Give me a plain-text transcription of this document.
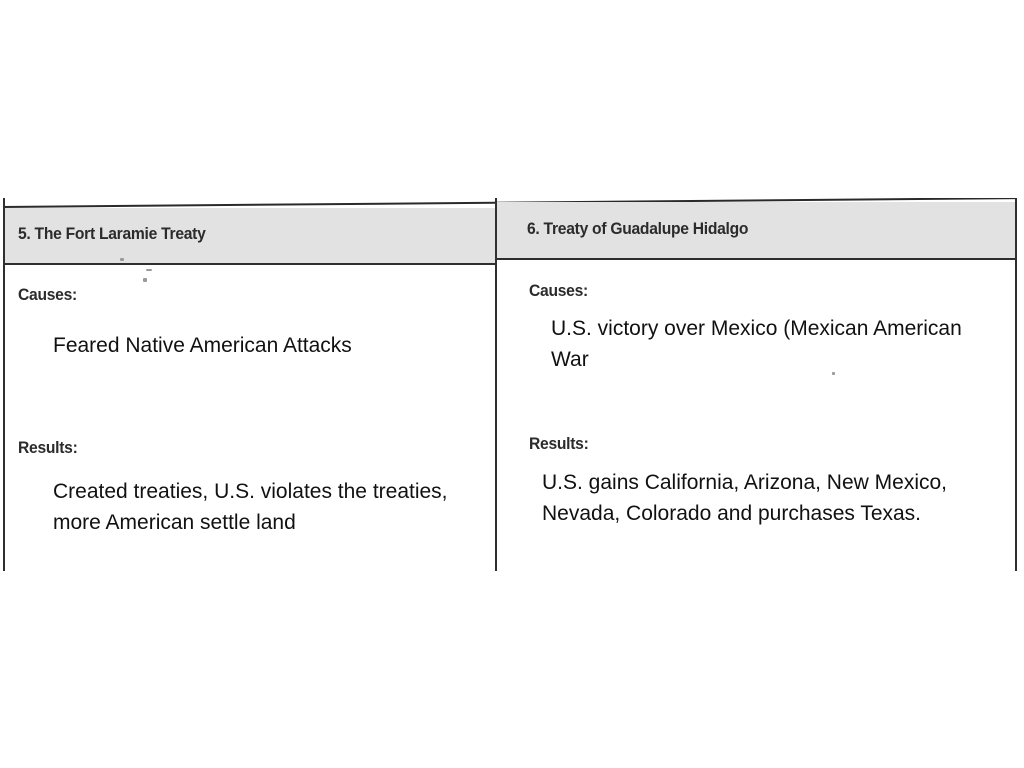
5. The Fort Laramie Treaty
Causes:
Feared Native American Attacks
Results:
Created treaties, U.S. violates the treaties, more American settle land
6. Treaty of Guadalupe Hidalgo
Causes:
U.S. victory over Mexico (Mexican American War
Results:
U.S. gains California, Arizona, New Mexico, Nevada, Colorado and purchases Texas.
